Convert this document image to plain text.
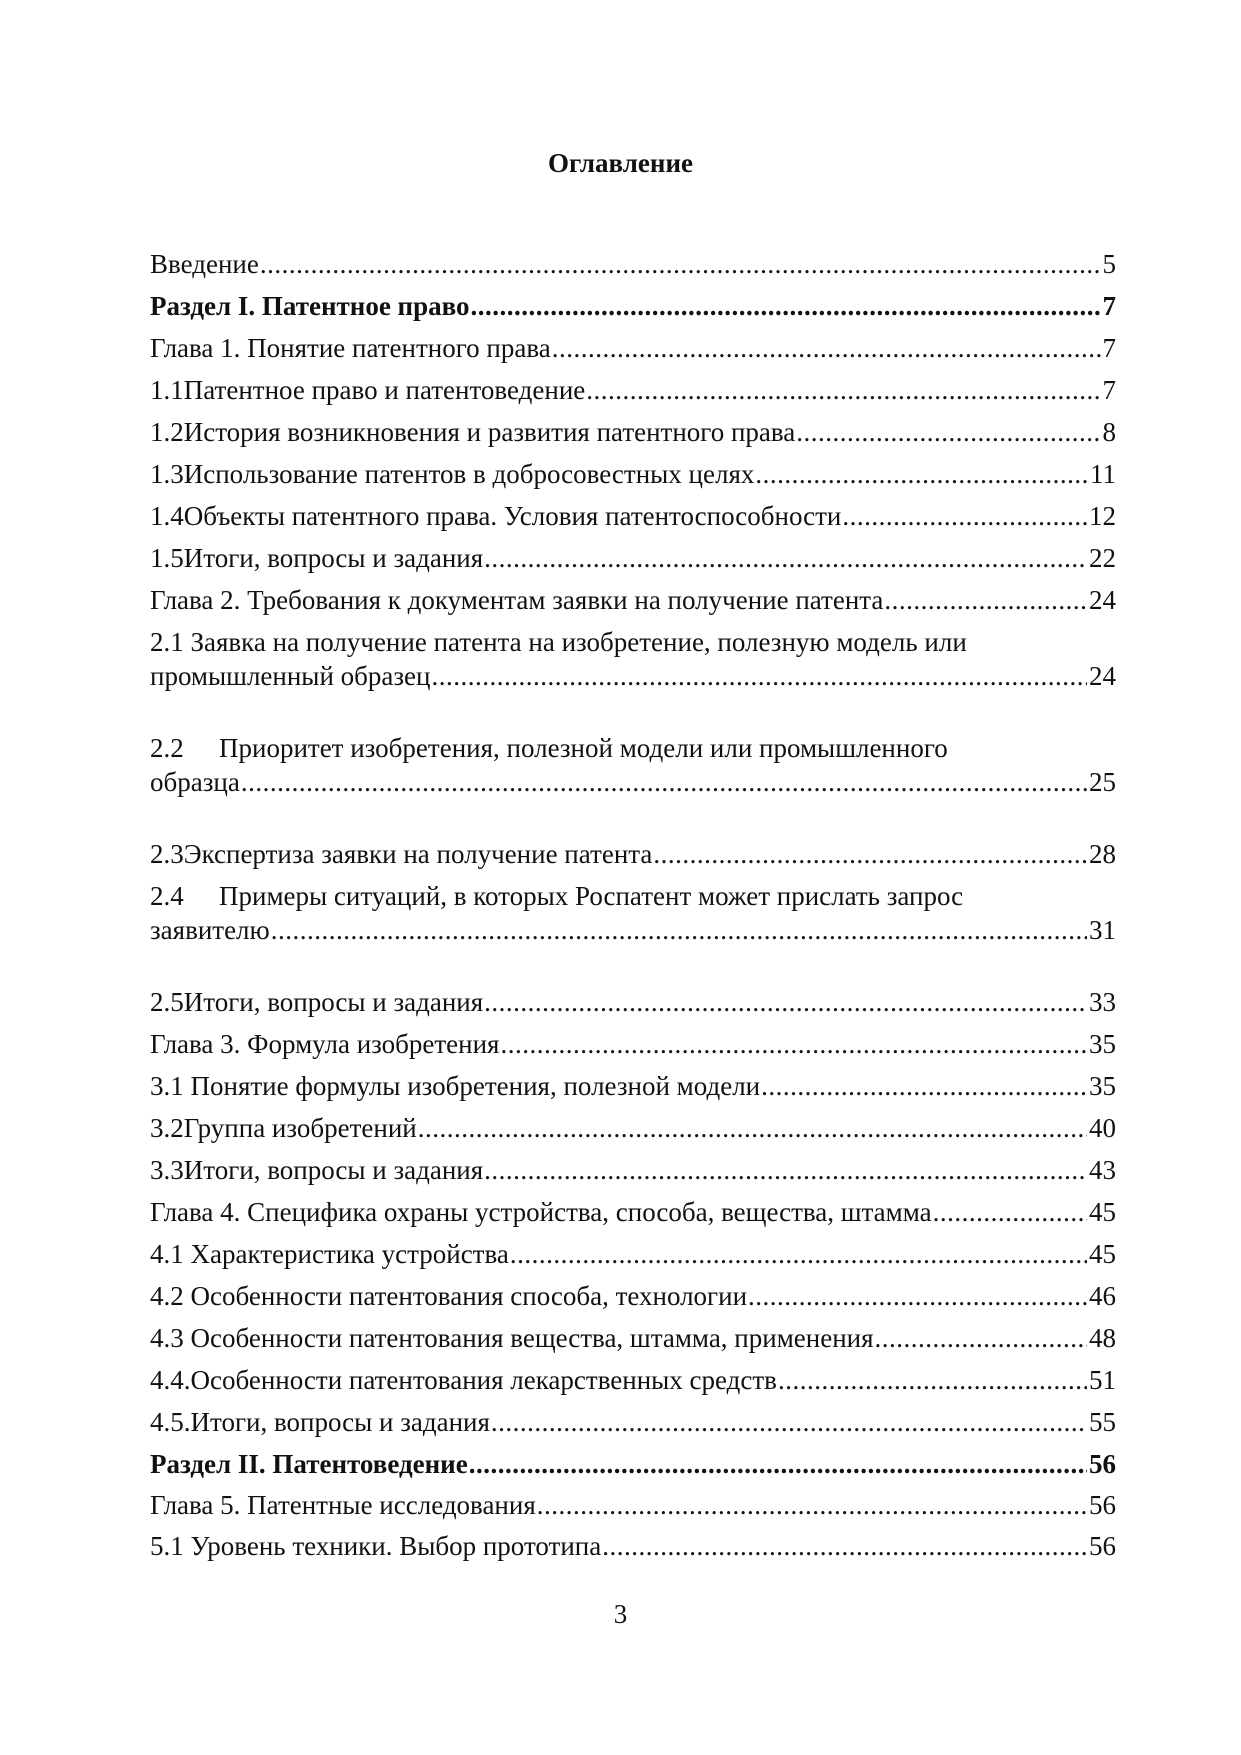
Оглавление
Введение .....	5
Раздел I. Патентное право .....	7
Глава 1. Понятие патентного права .....	7
1.1 Патентное право и патентоведение .....	7
1.2 История возникновения и развития патентного права .....	8
1.3 Использование патентов в добросовестных целях .....	11
1.4 Объекты патентного права. Условия патентоспособности .....	12
1.5 Итоги, вопросы и задания .....	22
Глава 2. Требования к документам заявки на получение патента .....	24
2.1 Заявка на получение патента на изобретение, полезную модель или
промышленный образец .....	24
2.2	Приоритет изобретения, полезной модели или промышленного
образца .....	25
2.3 Экспертиза заявки на получение патента .....	28
2.4	Примеры ситуаций, в которых Роспатент может прислать запрос
заявителю .....	31
2.5 Итоги, вопросы и задания .....	33
Глава 3. Формула изобретения .....	35
3.1 Понятие формулы изобретения, полезной модели .....	35
3.2 Группа изобретений .....	40
3.3 Итоги, вопросы и задания .....	43
Глава 4. Специфика охраны устройства, способа, вещества, штамма .....	45
4.1 Характеристика устройства .....	45
4.2 Особенности патентования способа, технологии .....	46
4.3 Особенности патентования вещества, штамма, применения .....	48
4.4. Особенности патентования лекарственных средств .....	51
4.5. Итоги, вопросы и задания .....	55
Раздел II. Патентоведение .....	56
Глава 5. Патентные исследования .....	56
5.1 Уровень техники. Выбор прототипа .....	56
3
